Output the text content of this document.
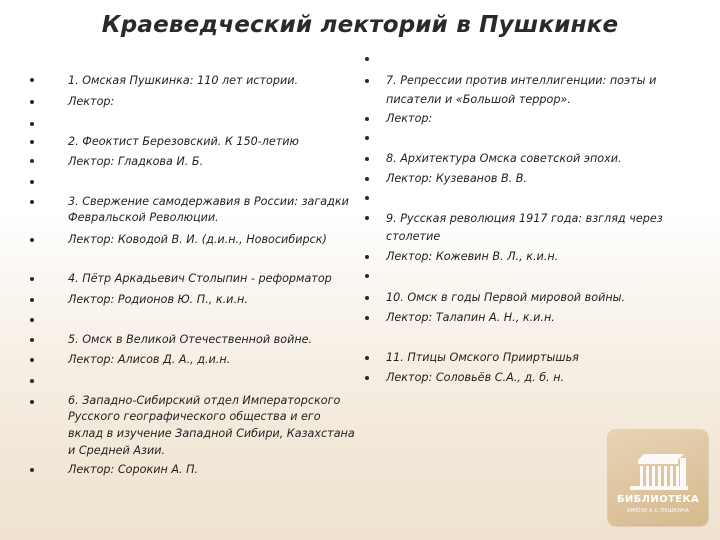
Краеведческий лекторий в Пушкинке
1. Омская Пушкинка: 110 лет истории.
Лектор:
2. Феоктист Березовский. К 150-летию
Лектор: Гладкова И. Б.
3. Свержение самодержавия в России: загадки
Февральской Революции.
Лектор: Ководой В. И. (д.и.н., Новосибирск)
4. Пётр Аркадьевич Столыпин - реформатор
Лектор: Родионов Ю. П., к.и.н.
5. Омск в Великой Отечественной войне.
Лектор: Алисов Д. А., д.и.н.
6. Западно-Сибирский отдел Императорского
Русского географического общества и его
вклад в изучение Западной Сибири, Казахстана
и Средней Азии.
Лектор: Сорокин А. П.
7. Репрессии против интеллигенции: поэты и
писатели и «Большой террор».
Лектор:
8. Архитектура Омска советской эпохи.
Лектор: Кузеванов В. В.
9. Русская революция 1917 года: взгляд через
столетие
Лектор: Кожевин В. Л., к.и.н.
10. Омск в годы Первой мировой войны.
Лектор: Талапин А. Н., к.и.н.
11. Птицы Омского Прииртышья
Лектор: Соловьёв С.А., д. б. н.
БИБЛИОТЕКА
ИМЕНИ А.С.ПУШКИНА
